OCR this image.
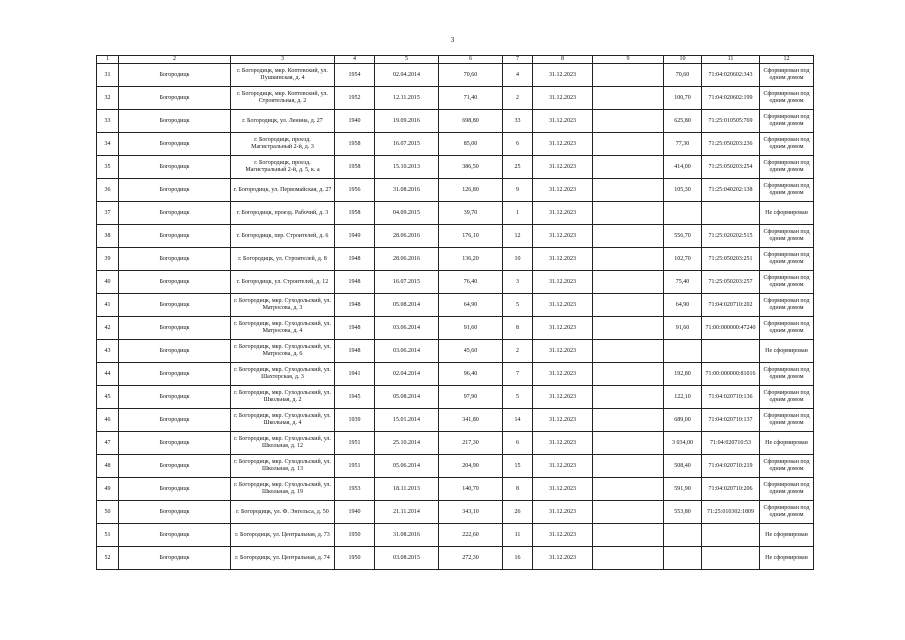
3
1	2	3	4	5	6	7	8	9	10	11	12
31	Богородицк	г. Богородицк, мкр. Коптевский, ул. Пушкинская, д. 4	1954	02.04.2014	70,60	4	31.12.2023		70,60	71:04:020602:343	Сформирован под одним домом
32	Богородицк	г. Богородицк, мкр. Коптевский, ул. Строительная, д. 2	1952	12.11.2015	71,40	2	31.12.2023		100,70	71:04:020602:199	Сформирован под одним домом
33	Богородицк	г. Богородицк, ул. Ленина, д. 27	1940	19.09.2016	698,80	33	31.12.2023		625,80	71:25:010505:769	Сформирован под одним домом
34	Богородицк	г. Богородицк, проезд. Магистральный 2-й, д. 3	1958	16.07.2015	85,00	6	31.12.2023		77,30	71:25:050203:236	Сформирован под одним домом
35	Богородицк	г. Богородицк, проезд. Магистральный 2-й, д. 5, к. а	1958	15.10.2013	386,50	25	31.12.2023		414,00	71:25:050203:254	Сформирован под одним домом
36	Богородицк	г. Богородицк, ул. Первомайская, д. 27	1956	31.08.2016	126,80	9	31.12.2023		105,30	71:25:040202:138	Сформирован под одним домом
37	Богородицк	г. Богородицк, проезд. Рабочий, д. 3	1958	04.09.2015	39,70	1	31.12.2023				Не сформирован
38	Богородицк	г. Богородицк, пер. Строителей, д. 6	1949	28.06.2016	176,10	12	31.12.2023		556,70	71:25:020202:515	Сформирован под одним домом
39	Богородицк	г. Богородицк, ул. Строителей, д. 8	1948	28.06.2016	136,20	10	31.12.2023		102,70	71:25:050203:251	Сформирован под одним домом
40	Богородицк	г. Богородицк, ул. Строителей, д. 12	1948	16.07.2015	76,40	3	31.12.2023		75,40	71:25:050203:257	Сформирован под одним домом
41	Богородицк	г. Богородицк, мкр. Суходольский, ул. Матросова, д. 3	1948	05.08.2014	64,90	5	31.12.2023		64,90	71:04:020710:202	Сформирован под одним домом
42	Богородицк	г. Богородицк, мкр. Суходольский, ул. Матросова, д. 4	1948	03.06.2014	91,60	8	31.12.2023		91,60	71:00:000000:47240	Сформирован под одним домом
43	Богородицк	г. Богородицк, мкр. Суходольский, ул. Матросова, д. 6	1948	03.06.2014	45,60	2	31.12.2023				Не сформирован
44	Богородицк	г. Богородицк, мкр. Суходольский, ул. Шахтерская, д. 3	1941	02.04.2014	96,40	7	31.12.2023		192,80	71:00:000000:81016	Сформирован под одним домом
45	Богородицк	г. Богородицк, мкр. Суходольский, ул. Школьная, д. 2	1945	05.08.2014	97,90	5	31.12.2023		122,10	71:04:020710:136	Сформирован под одним домом
46	Богородицк	г. Богородицк, мкр. Суходольский, ул. Школьная, д. 4	1939	15.01.2014	341,80	14	31.12.2023		689,00	71:04:020710:137	Сформирован под одним домом
47	Богородицк	г. Богородицк, мкр. Суходольский, ул. Школьная, д. 12	1951	25.10.2014	217,30	6	31.12.2023		3 034,00	71:04:020710:53	Не сформирован
48	Богородицк	г. Богородицк, мкр. Суходольский, ул. Школьная, д. 13	1951	05.06.2014	204,90	15	31.12.2023		508,40	71:04:020710:219	Сформирован под одним домом
49	Богородицк	г. Богородицк, мкр. Суходольский, ул. Школьная, д. 19	1953	18.11.2013	140,70	8	31.12.2023		591,90	71:04:020710:206	Сформирован под одним домом
50	Богородицк	г. Богородицк, ул. Ф. Энгельса, д. 50	1940	21.11.2014	343,10	26	31.12.2023		553,80	71:25:010302:1809	Сформирован под одним домом
51	Богородицк	г. Богородицк, ул. Центральная, д. 73	1950	31.08.2016	222,60	11	31.12.2023				Не сформирован
52	Богородицк	г. Богородицк, ул. Центральная, д. 74	1950	03.08.2015	272,30	16	31.12.2023				Не сформирован
